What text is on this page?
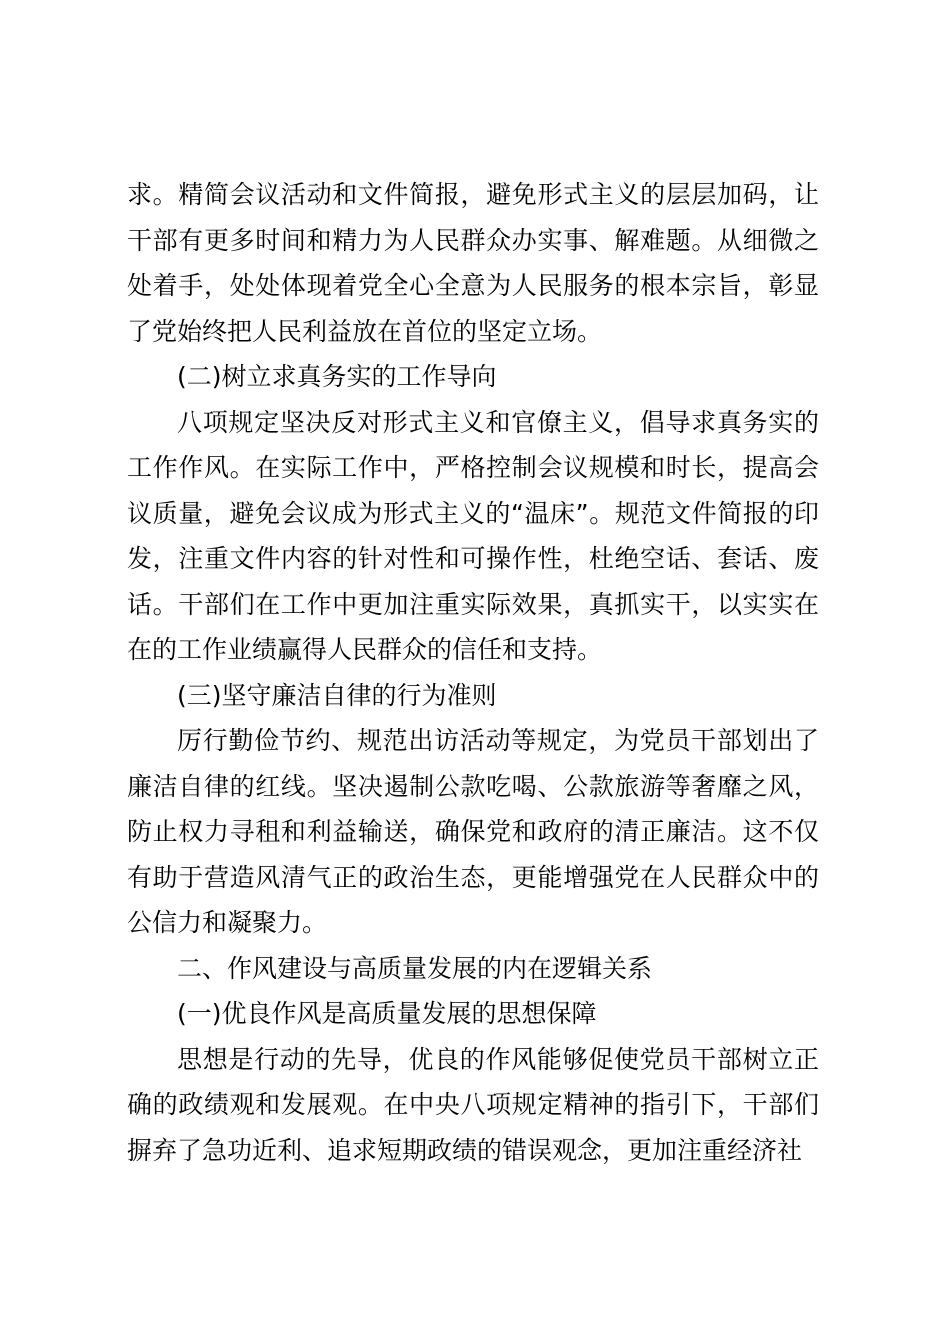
求。精简会议活动和文件简报，避免形式主义的层层加码，让干部有更多时间和精力为人民群众办实事、解难题。从细微之处着手，处处体现着党全心全意为人民服务的根本宗旨，彰显了党始终把人民利益放在首位的坚定立场。

(二)树立求真务实的工作导向

八项规定坚决反对形式主义和官僚主义，倡导求真务实的工作作风。在实际工作中，严格控制会议规模和时长，提高会议质量，避免会议成为形式主义的“温床”。规范文件简报的印发，注重文件内容的针对性和可操作性，杜绝空话、套话、废话。干部们在工作中更加注重实际效果，真抓实干，以实实在在的工作业绩赢得人民群众的信任和支持。

(三)坚守廉洁自律的行为准则

厉行勤俭节约、规范出访活动等规定，为党员干部划出了廉洁自律的红线。坚决遏制公款吃喝、公款旅游等奢靡之风，防止权力寻租和利益输送，确保党和政府的清正廉洁。这不仅有助于营造风清气正的政治生态，更能增强党在人民群众中的公信力和凝聚力。

二、作风建设与高质量发展的内在逻辑关系

(一)优良作风是高质量发展的思想保障

思想是行动的先导，优良的作风能够促使党员干部树立正确的政绩观和发展观。在中央八项规定精神的指引下，干部们摒弃了急功近利、追求短期政绩的错误观念，更加注重经济社
